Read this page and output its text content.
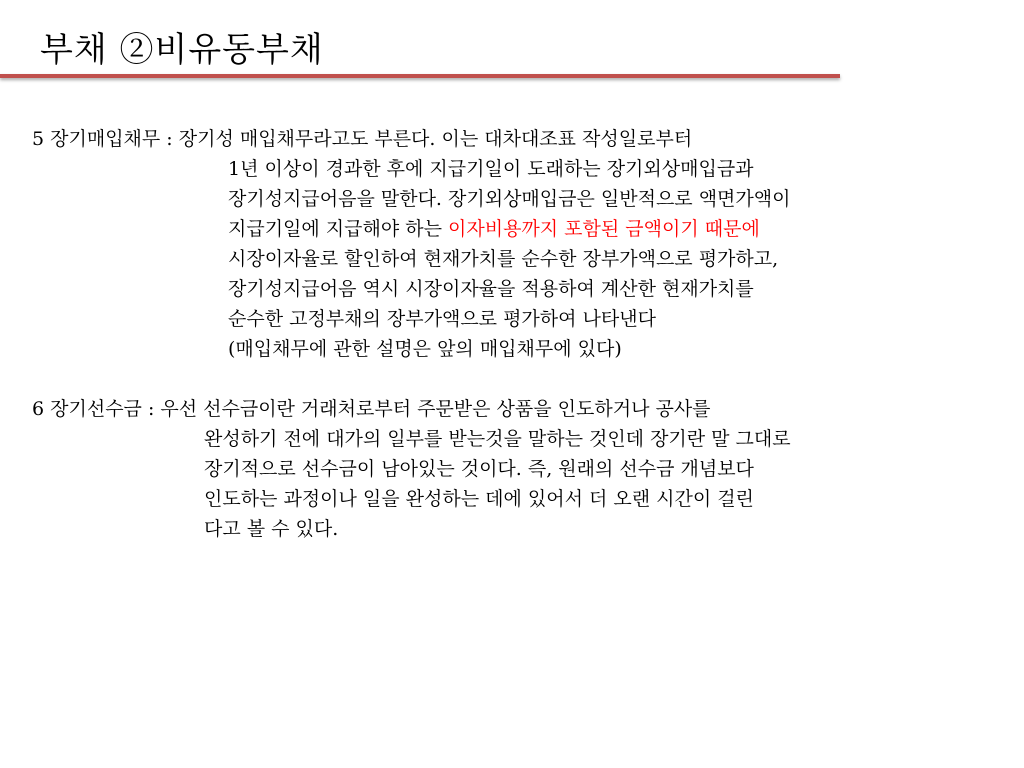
부채 ②비유동부채
5 장기매입채무 : 장기성 매입채무라고도 부른다. 이는 대차대조표 작성일로부터
1년 이상이 경과한 후에 지급기일이 도래하는 장기외상매입금과
장기성지급어음을 말한다. 장기외상매입금은 일반적으로 액면가액이
지급기일에 지급해야 하는 이자비용까지 포함된 금액이기 때문에
시장이자율로 할인하여 현재가치를 순수한 장부가액으로 평가하고,
장기성지급어음 역시 시장이자율을 적용하여 계산한 현재가치를
순수한 고정부채의 장부가액으로 평가하여 나타낸다
(매입채무에 관한 설명은 앞의 매입채무에 있다)
6 장기선수금 : 우선 선수금이란 거래처로부터 주문받은 상품을 인도하거나 공사를
완성하기 전에 대가의 일부를 받는것을 말하는 것인데 장기란 말 그대로
장기적으로 선수금이 남아있는 것이다. 즉, 원래의 선수금 개념보다
인도하는 과정이나 일을 완성하는 데에 있어서 더 오랜 시간이 걸린
다고 볼 수 있다.
